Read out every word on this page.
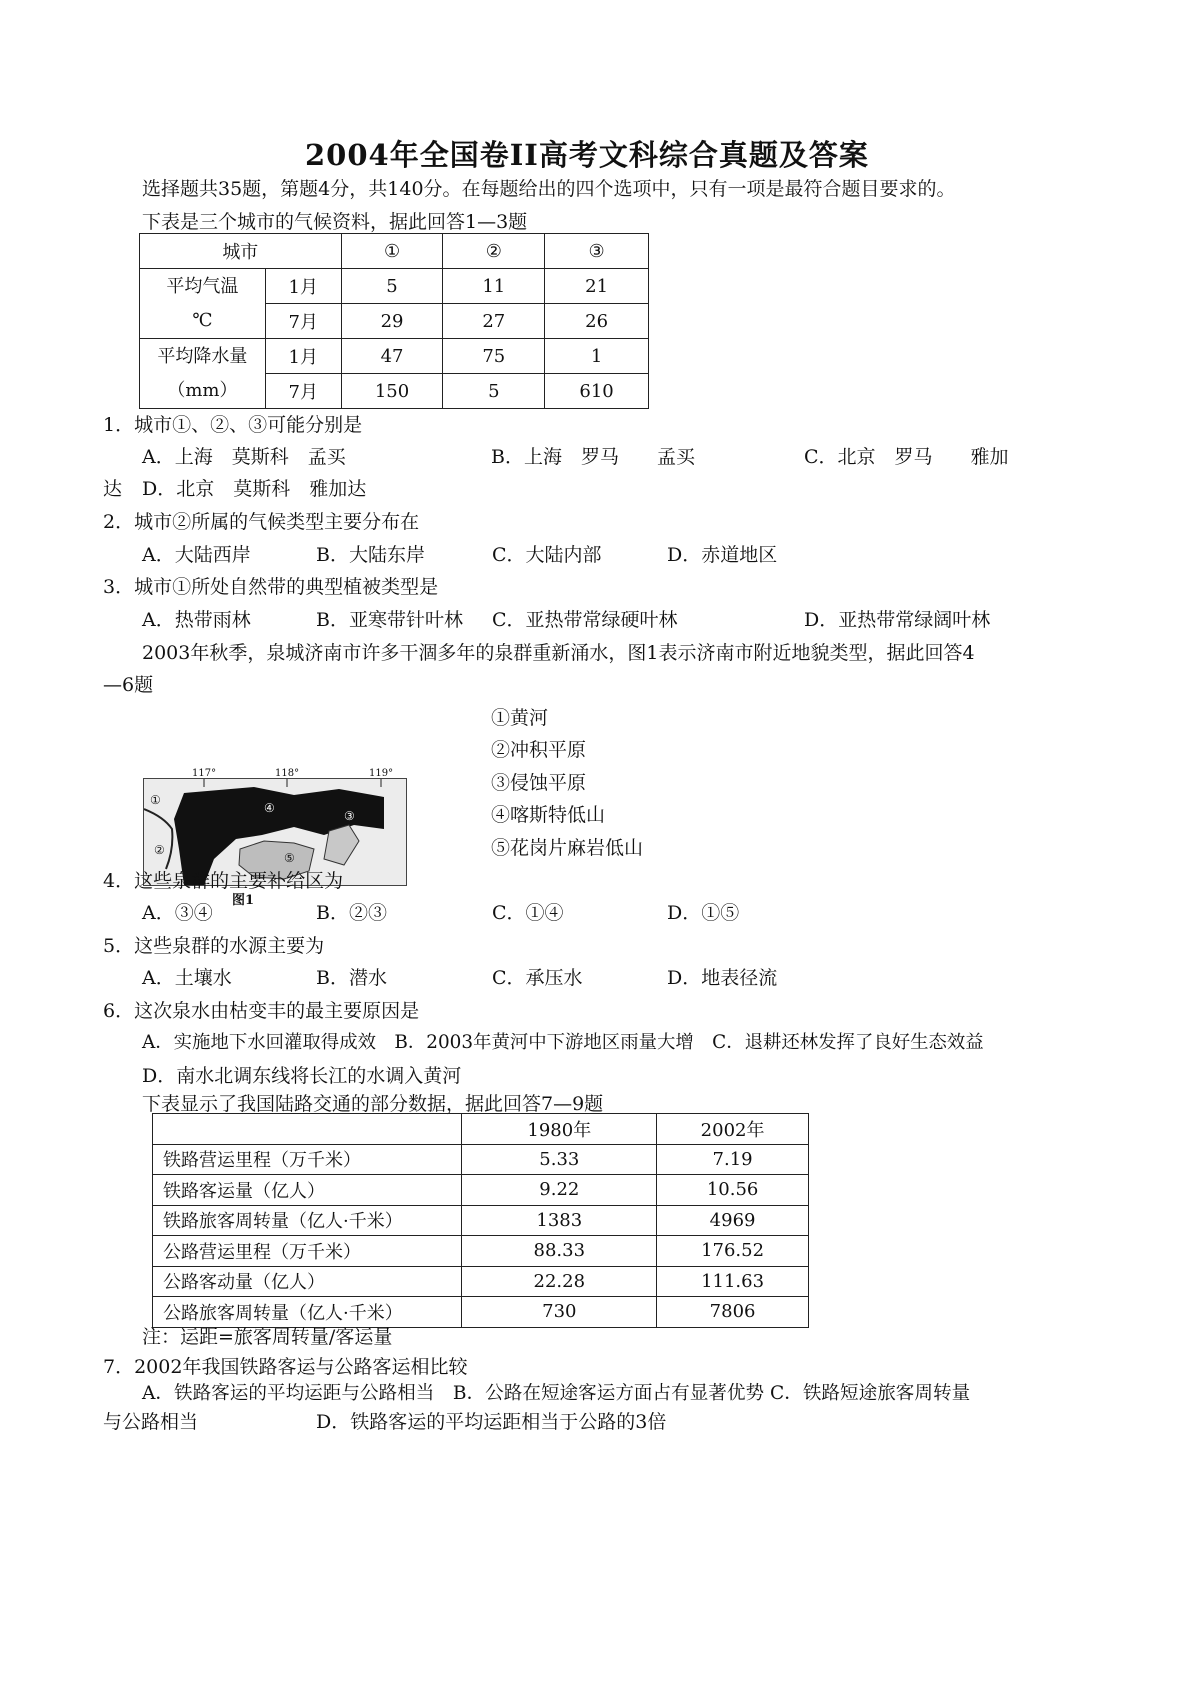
2004年全国卷II高考文科综合真题及答案
选择题共35题，第题4分，共140分。在每题给出的四个选项中，只有一项是最符合题目要求的。
下表是三个城市的气候资料，据此回答1—3题
城市		①	②	③

平均气温
℃	1月	5	11	21
	7月	29	27	26

平均降水量
（mm）	1月	47	75	1
	7月	150	5	610
1．城市①、②、③可能分别是
A．上海　莫斯科　孟买	B．上海　罗马　　孟买	C．北京　罗马　　雅加
达 D．北京　莫斯科　雅加达
2．城市②所属的气候类型主要分布在
A．大陆西岸	B．大陆东岸	C．大陆内部	D．赤道地区
3．城市①所处自然带的典型植被类型是
A．热带雨林	B．亚寒带针叶林 C．亚热带常绿硬叶林	D．亚热带常绿阔叶林
2003年秋季，泉城济南市许多干涸多年的泉群重新涌水，图1表示济南市附近地貌类型，据此回答4
—6题
117°	118°	119°
①
②
④
⑤
③
图1
①黄河
②冲积平原
③侵蚀平原
④喀斯特低山
⑤花岗片麻岩低山
4．这些泉群的主要补给区为
A．③④	B．②③	C．①④	D．①⑤
5．这些泉群的水源主要为
A．土壤水	B．潜水	C．承压水	D．地表径流
6．这次泉水由枯变丰的最主要原因是
A．实施地下水回灌取得成效　B．2003年黄河中下游地区雨量大增　C．退耕还林发挥了良好生态效益
D．南水北调东线将长江的水调入黄河
下表显示了我国陆路交通的部分数据，据此回答7—9题
	1980年	2002年
铁路营运里程（万千米）	5.33	7.19
铁路客运量（亿人）	9.22	10.56
铁路旅客周转量（亿人·千米）	1383	4969
公路营运里程（万千米）	88.33	176.52
公路客动量（亿人）	22.28	111.63
公路旅客周转量（亿人·千米）	730	7806
注：运距=旅客周转量/客运量
7．2002年我国铁路客运与公路客运相比较
A．铁路客运的平均运距与公路相当　B．公路在短途客运方面占有显著优势 C．铁路短途旅客周转量
与公路相当	D．铁路客运的平均运距相当于公路的3倍
